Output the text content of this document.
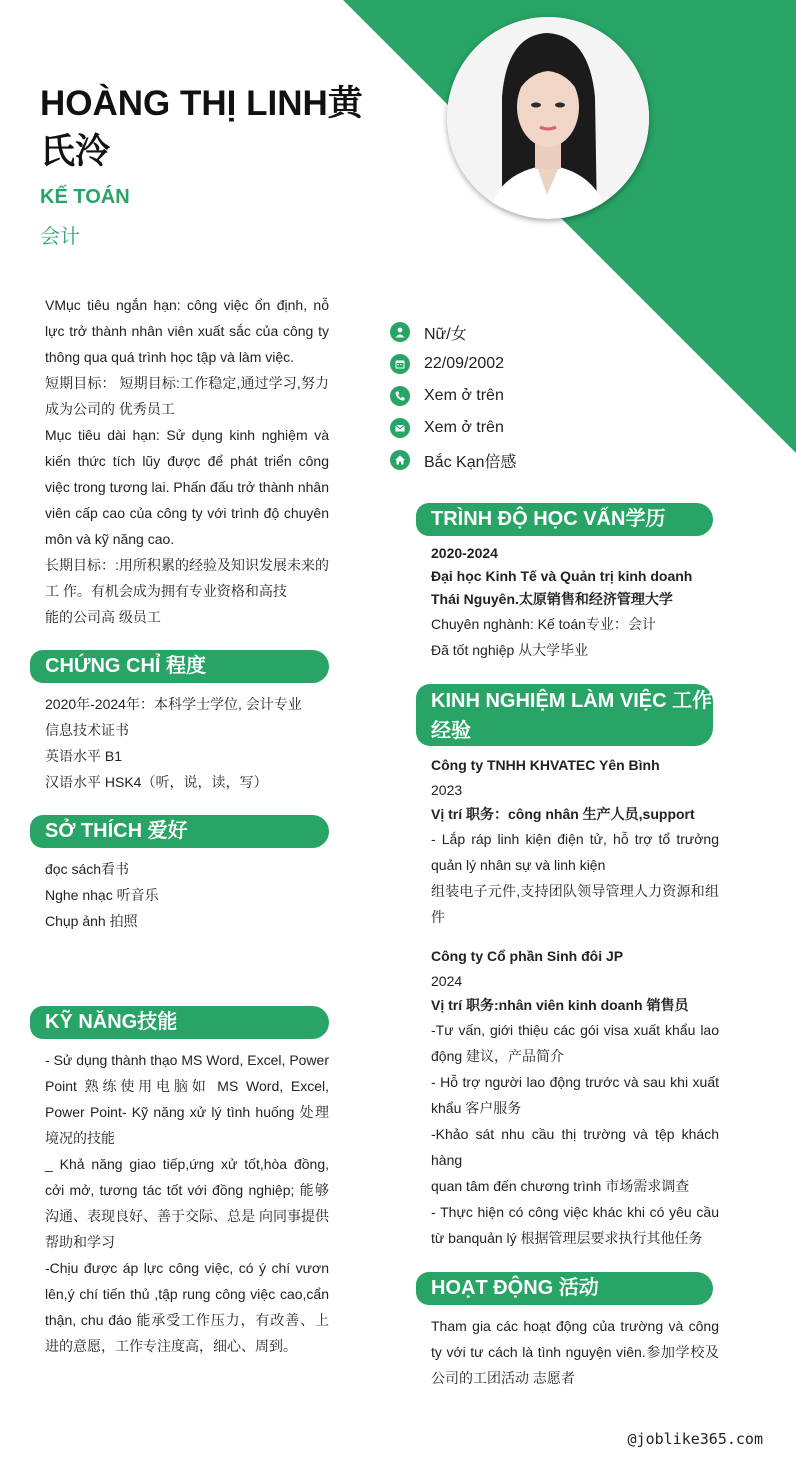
HOÀNG THỊ LINH黄氏泠
KẾ TOÁN
会计

VMục tiêu ngắn hạn: công việc ổn định, nỗ lực trở thành nhân viên xuất sắc của công ty thông qua quá trình học tập và làm việc.

短期目标： 短期目标:工作稳定,通过学习,努力成为公司的 优秀员工

Mục tiêu dài hạn: Sử dụng kinh nghiệm và kiến thức tích lũy được để phát triển công việc trong tương lai. Phấn đấu trở thành nhân viên cấp cao của công ty với trình độ chuyên môn và kỹ năng cao.

长期目标：:用所积累的经验及知识发展未来的工 作。有机会成为拥有专业资格和高技

能的公司高 级员工

CHỨNG CHỈ 程度
2020年-2024年：本科学士学位, 会计专业
信息技术证书
英语水平 B1
汉语水平 HSK4（听，说，读，写）
SỞ THÍCH 爱好
đọc sách看书
Nghe nhạc 听音乐
Chụp ảnh 拍照
KỸ NĂNG技能

- Sử dụng thành thạo MS Word, Excel, Power Point 熟练使用电脑如 MS Word, Excel, Power Point- Kỹ năng xử lý tình huống 处理境况的技能

_ Khả năng giao tiếp,ứng xử tốt,hòa đồng, cởi mở, tương tác tốt với đồng nghiệp; 能够沟通、表现良好、善于交际、总是 向同事提供帮助和学习

-Chịu được áp lực công việc, có ý chí vươn lên,ý chí tiến thủ ,tập rung công việc cao,cẩn thận, chu đáo 能承受工作压力，有改善、上进的意愿，工作专注度高，细心、周到。

Nữ/女
22/09/2002
Xem ở trên
Xem ở trên
Bắc Kạn倍感
TRÌNH ĐỘ HỌC VẤN学历
2020-2024
Đại học Kinh Tế và Quản trị kinh doanh Thái Nguyên.太原销售和经济管理大学
Chuyên nghành: Kế toán专业：会计
Đã tốt nghiệp 从大学毕业
KINH NGHIỆM LÀM VIỆC 工作经验
Công ty TNHH KHVATEC Yên Bình
2023
Vị trí 职务：công nhân 生产人员,support
- Lắp ráp linh kiện điện tử, hỗ trợ tổ trưởng quản lý nhân sự và linh kiện
组装电子元件,支持团队领导管理人力资源和组件
Công ty Cổ phần Sinh đôi JP
2024
Vị trí 职务:nhân viên kinh doanh 销售员
-Tư vấn, giới thiệu các gói visa xuất khẩu lao động 建议，产品简介
- Hỗ trợ người lao động trước và sau khi xuất khẩu 客户服务
-Khảo sát nhu cầu thị trường và tệp khách hàng
quan tâm đến chương trình 市场需求调查
- Thực hiện có công việc khác khi có yêu cầu từ banquản lý 根据管理层要求执行其他任务
HOẠT ĐỘNG 活动
Tham gia các hoạt động của trường và công ty với tư cách là tình nguyện viên.参加学校及公司的工团活动 志愿者
@joblike365.com
